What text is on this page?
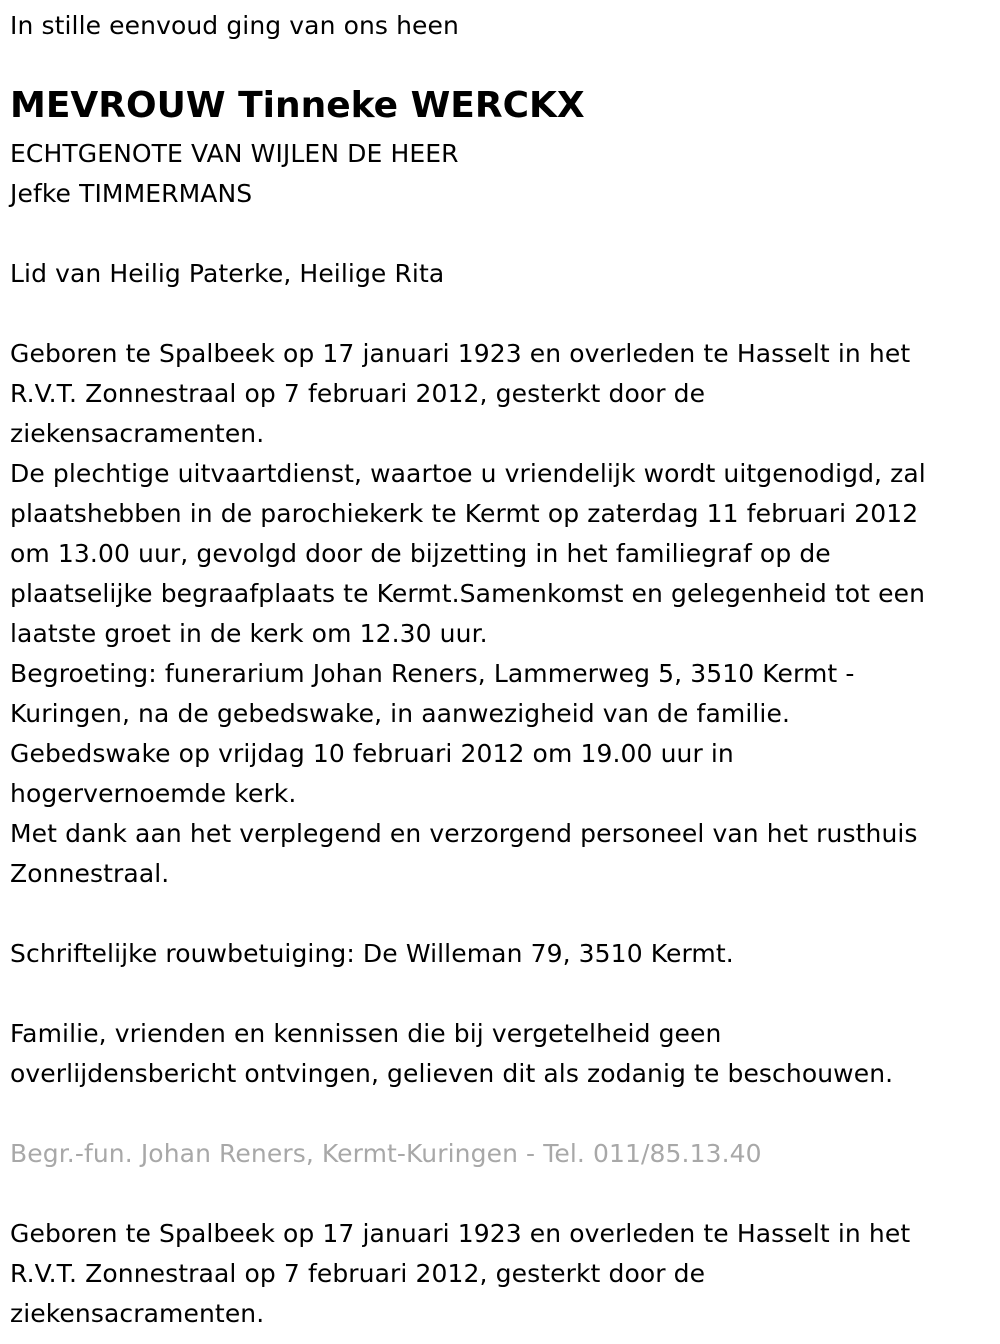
In stille eenvoud ging van ons heen
MEVROUW Tinneke WERCKX
ECHTGENOTE VAN WIJLEN DE HEER
Jefke TIMMERMANS
Lid van Heilig Paterke, Heilige Rita
Geboren te Spalbeek op 17 januari 1923 en overleden te Hasselt in het
R.V.T. Zonnestraal op 7 februari 2012, gesterkt door de
ziekensacramenten.
De plechtige uitvaartdienst, waartoe u vriendelijk wordt uitgenodigd, zal
plaatshebben in de parochiekerk te Kermt op zaterdag 11 februari 2012
om 13.00 uur, gevolgd door de bijzetting in het familiegraf op de
plaatselijke begraafplaats te Kermt.Samenkomst en gelegenheid tot een
laatste groet in de kerk om 12.30 uur.
Begroeting: funerarium Johan Reners, Lammerweg 5, 3510 Kermt -
Kuringen, na de gebedswake, in aanwezigheid van de familie.
Gebedswake op vrijdag 10 februari 2012 om 19.00 uur in
hogervernoemde kerk.
Met dank aan het verplegend en verzorgend personeel van het rusthuis
Zonnestraal.
Schriftelijke rouwbetuiging: De Willeman 79, 3510 Kermt.
Familie, vrienden en kennissen die bij vergetelheid geen
overlijdensbericht ontvingen, gelieven dit als zodanig te beschouwen.
Begr.-fun. Johan Reners, Kermt-Kuringen - Tel. 011/85.13.40
Geboren te Spalbeek op 17 januari 1923 en overleden te Hasselt in het
R.V.T. Zonnestraal op 7 februari 2012, gesterkt door de
ziekensacramenten.
